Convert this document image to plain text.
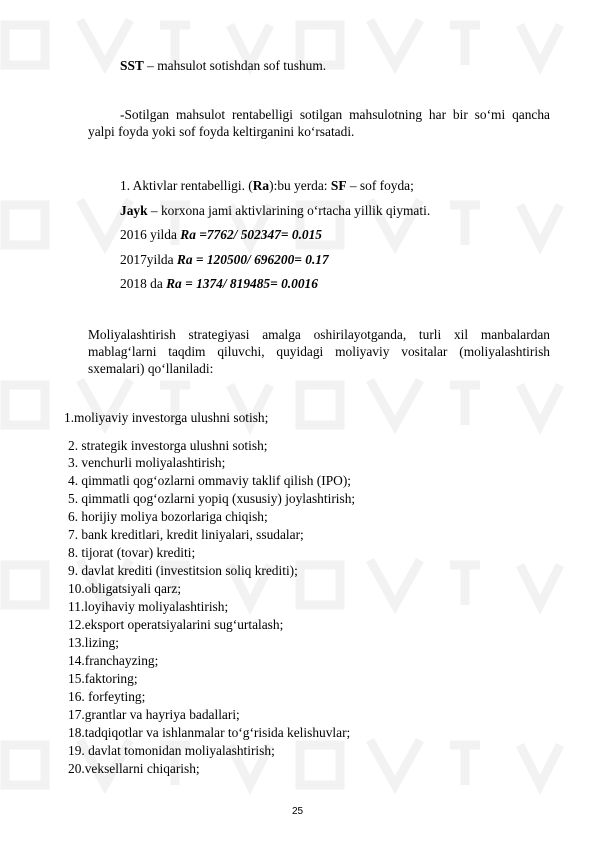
SST – mahsulot sotishdan sof tushum.
-Sotilgan mahsulot rentabelligi sotilgan mahsulotning har bir so‘mi qancha yalpi foyda yoki sof foyda keltirganini ko‘rsatadi.
1. Aktivlar rentabelligi. (Ra):bu yerda: SF – sof foyda;
Jayk – korxona jami aktivlarining o‘rtacha yillik qiymati.
2016 yilda Ra =7762/ 502347= 0.015
2017yilda Ra = 120500/ 696200= 0.17
2018 da Ra = 1374/ 819485= 0.0016
Moliyalashtirish strategiyasi amalga oshirilayotganda, turli xil manbalardan mablag‘larni taqdim qiluvchi, quyidagi moliyaviy vositalar (moliyalashtirish sxemalari) qo‘llaniladi:
1.moliyaviy investorga ulushni sotish;
2. strategik investorga ulushni sotish;
3. venchurli moliyalashtirish;
4. qimmatli qog‘ozlarni ommaviy taklif qilish (IPO);
5. qimmatli qog‘ozlarni yopiq (xususiy) joylashtirish;
6. horijiy moliya bozorlariga chiqish;
7. bank kreditlari, kredit liniyalari, ssudalar;
8. tijorat (tovar) krediti;
9. davlat krediti (investitsion soliq krediti);
10.obligatsiyali qarz;
11.loyihaviy moliyalashtirish;
12.eksport operatsiyalarini sug‘urtalash;
13.lizing;
14.franchayzing;
15.faktoring;
16. forfeyting;
17.grantlar va hayriya badallari;
18.tadqiqotlar va ishlanmalar to‘g‘risida kelishuvlar;
19. davlat tomonidan moliyalashtirish;
20.veksellarni chiqarish;
25
